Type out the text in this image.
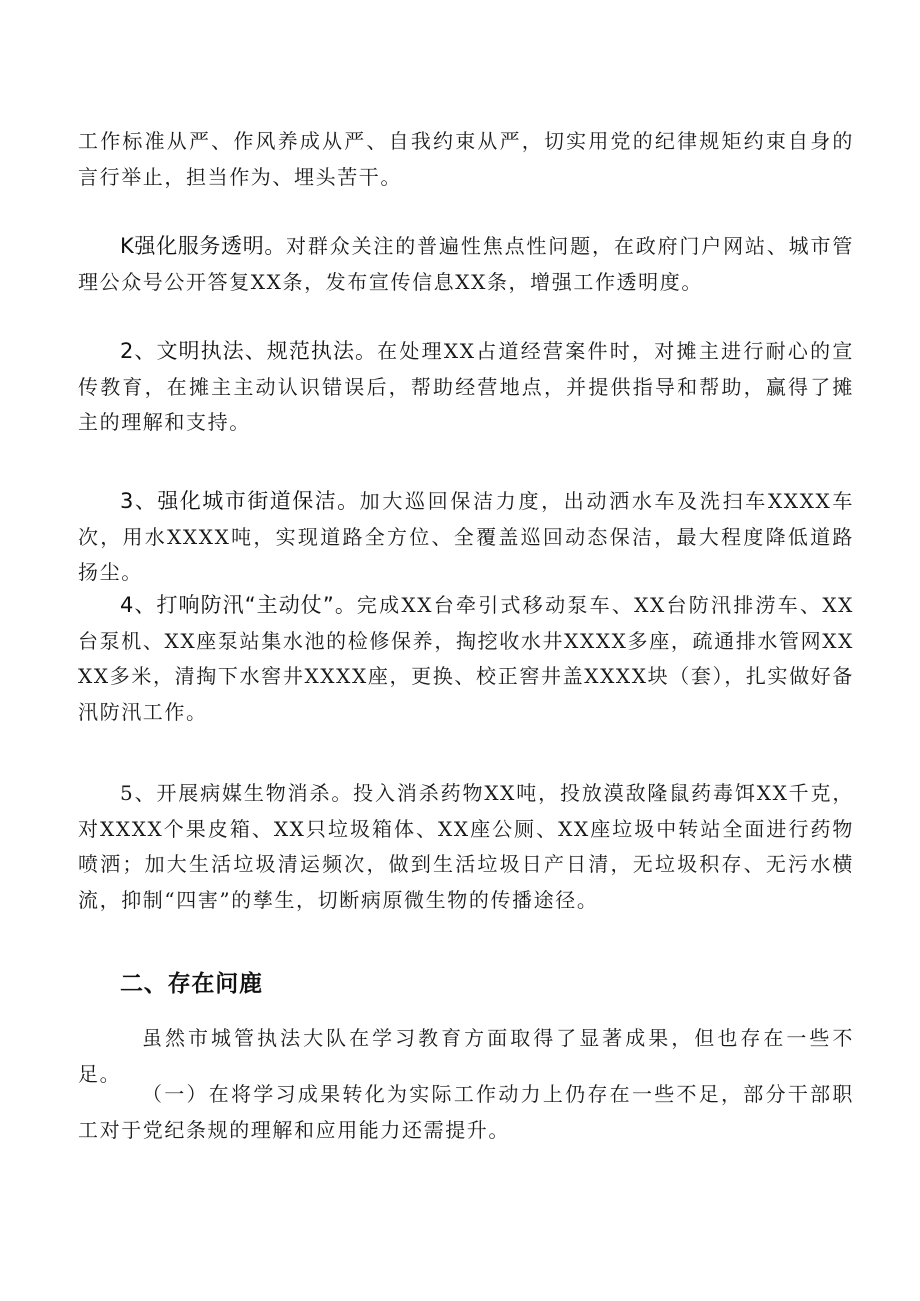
工作标准从严、作风养成从严、自我约束从严，切实用党的纪律规矩约束自身的言行举止，担当作为、埋头苦干。

K强化服务透明。对群众关注的普遍性焦点性问题，在政府门户网站、城市管理公众号公开答复XX条，发布宣传信息XX条，增强工作透明度。

2、文明执法、规范执法。在处理XX占道经营案件时，对摊主进行耐心的宣传教育，在摊主主动认识错误后，帮助经营地点，并提供指导和帮助，赢得了摊主的理解和支持。

3、强化城市街道保洁。加大巡回保洁力度，出动洒水车及洗扫车XXXX车次，用水XXXX吨，实现道路全方位、全覆盖巡回动态保洁，最大程度降低道路扬尘。

4、打响防汛“主动仗”。完成XX台牵引式移动泵车、XX台防汛排涝车、XX台泵机、XX座泵站集水池的检修保养，掏挖收水井XXXX多座，疏通排水管网XXXX多米，清掏下水窖井XXXX座，更换、校正窖井盖XXXX块（套），扎实做好备汛防汛工作。

5、开展病媒生物消杀。投入消杀药物XX吨，投放漠敌隆鼠药毒饵XX千克，对XXXX个果皮箱、XX只垃圾箱体、XX座公厕、XX座垃圾中转站全面进行药物喷洒；加大生活垃圾清运频次，做到生活垃圾日产日清，无垃圾积存、无污水横流，抑制“四害”的孳生，切断病原微生物的传播途径。

二、存在问鹿

虽然市城管执法大队在学习教育方面取得了显著成果，但也存在一些不足。

（一）在将学习成果转化为实际工作动力上仍存在一些不足，部分干部职工对于党纪条规的理解和应用能力还需提升。
